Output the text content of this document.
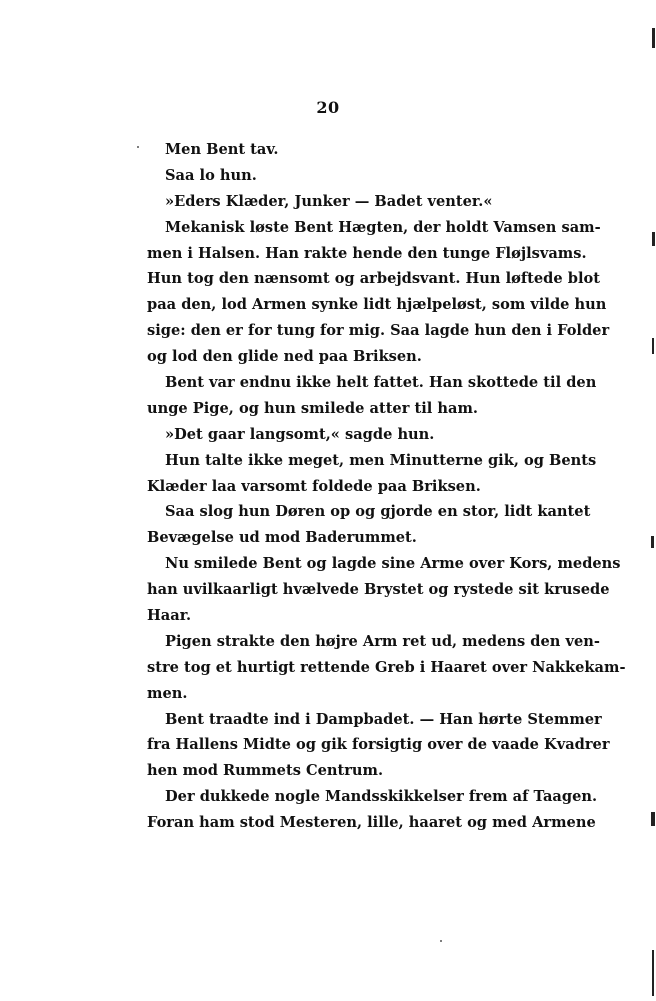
20
Men Bent tav.
Saa lo hun.
»Eders Klæder, Junker — Badet venter.«
Mekanisk løste Bent Hægten, der holdt Vamsen sam-
men i Halsen. Han rakte hende den tunge Fløjlsvams.
Hun tog den nænsomt og arbejdsvant. Hun løftede blot
paa den, lod Armen synke lidt hjælpeløst, som vilde hun
sige: den er for tung for mig. Saa lagde hun den i Folder
og lod den glide ned paa Briksen.
Bent var endnu ikke helt fattet. Han skottede til den
unge Pige, og hun smilede atter til ham.
»Det gaar langsomt,« sagde hun.
Hun talte ikke meget, men Minutterne gik, og Bents
Klæder laa varsomt foldede paa Briksen.
Saa slog hun Døren op og gjorde en stor, lidt kantet
Bevægelse ud mod Baderummet.
Nu smilede Bent og lagde sine Arme over Kors, medens
han uvilkaarligt hvælvede Brystet og rystede sit krusede
Haar.
Pigen strakte den højre Arm ret ud, medens den ven-
stre tog et hurtigt rettende Greb i Haaret over Nakkekam-
men.
Bent traadte ind i Dampbadet. — Han hørte Stemmer
fra Hallens Midte og gik forsigtig over de vaade Kvadrer
hen mod Rummets Centrum.
Der dukkede nogle Mandsskikkelser frem af Taagen.
Foran ham stod Mesteren, lille, haaret og med Armene
